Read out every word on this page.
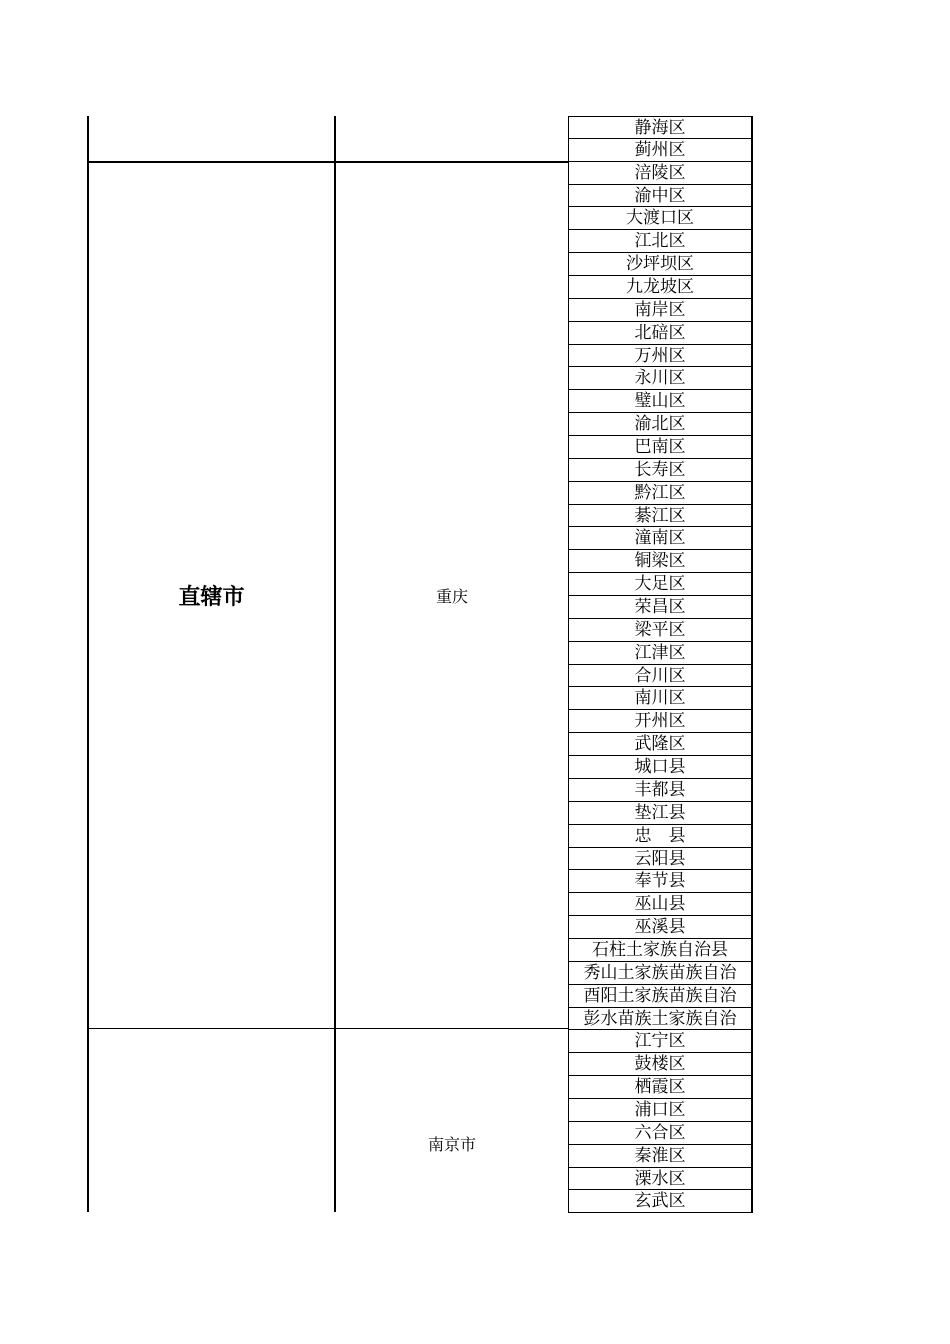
直辖市	重庆
南京市
静海区
蓟州区
涪陵区
渝中区
大渡口区
江北区
沙坪坝区
九龙坡区
南岸区
北碚区
万州区
永川区
璧山区
渝北区
巴南区
长寿区
黔江区
綦江区
潼南区
铜梁区
大足区
荣昌区
梁平区
江津区
合川区
南川区
开州区
武隆区
城口县
丰都县
垫江县
忠　县
云阳县
奉节县
巫山县
巫溪县
石柱土家族自治县
秀山土家族苗族自治
酉阳土家族苗族自治
彭水苗族土家族自治
江宁区
鼓楼区
栖霞区
浦口区
六合区
秦淮区
溧水区
玄武区
